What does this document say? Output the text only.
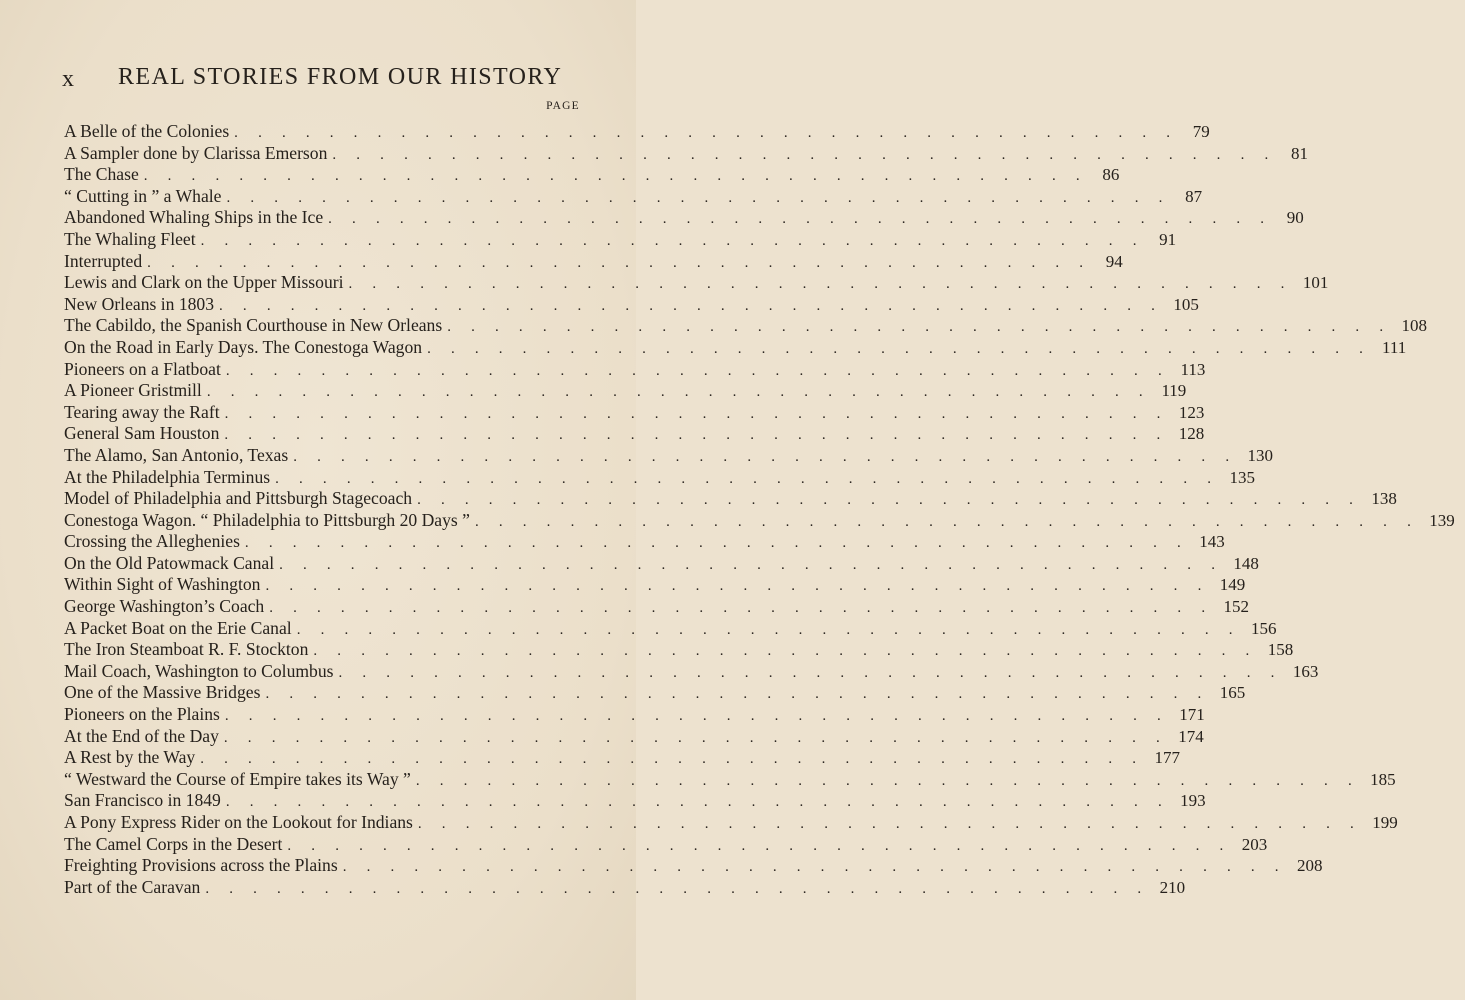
x REAL STORIES FROM OUR HISTORY
PAGE
A Belle of the Colonies . . . . . . . . . . . . . . . . . . . . . . . . . . . . . . . . . . . . . . . . 79
A Sampler done by Clarissa Emerson . . . . . . . . . . . . . . . . . . . . . . . . . . . . . . . . . . . . . . . . 81
The Chase . . . . . . . . . . . . . . . . . . . . . . . . . . . . . . . . . . . . . . . . 86
“ Cutting in ” a Whale . . . . . . . . . . . . . . . . . . . . . . . . . . . . . . . . . . . . . . . . 87
Abandoned Whaling Ships in the Ice . . . . . . . . . . . . . . . . . . . . . . . . . . . . . . . . . . . . . . . . 90
The Whaling Fleet . . . . . . . . . . . . . . . . . . . . . . . . . . . . . . . . . . . . . . . . 91
Interrupted . . . . . . . . . . . . . . . . . . . . . . . . . . . . . . . . . . . . . . . . 94
Lewis and Clark on the Upper Missouri . . . . . . . . . . . . . . . . . . . . . . . . . . . . . . . . . . . . . . . . 101
New Orleans in 1803 . . . . . . . . . . . . . . . . . . . . . . . . . . . . . . . . . . . . . . . . 105
The Cabildo, the Spanish Courthouse in New Orleans . . . . . . . . . . . . . . . . . . . . . . . . . . . . . . . . . . . . . . . . 108
On the Road in Early Days. The Conestoga Wagon . . . . . . . . . . . . . . . . . . . . . . . . . . . . . . . . . . . . . . . . 111
Pioneers on a Flatboat . . . . . . . . . . . . . . . . . . . . . . . . . . . . . . . . . . . . . . . . 113
A Pioneer Gristmill . . . . . . . . . . . . . . . . . . . . . . . . . . . . . . . . . . . . . . . . 119
Tearing away the Raft . . . . . . . . . . . . . . . . . . . . . . . . . . . . . . . . . . . . . . . . 123
General Sam Houston . . . . . . . . . . . . . . . . . . . . . . . . . . . . . . . . . . . . . . . . 128
The Alamo, San Antonio, Texas . . . . . . . . . . . . . . . . . . . . . . . . . . . . . . . . . . . . . . . . 130
At the Philadelphia Terminus . . . . . . . . . . . . . . . . . . . . . . . . . . . . . . . . . . . . . . . . 135
Model of Philadelphia and Pittsburgh Stagecoach . . . . . . . . . . . . . . . . . . . . . . . . . . . . . . . . . . . . . . . . 138
Conestoga Wagon. “ Philadelphia to Pittsburgh 20 Days ” . . . . . . . . . . . . . . . . . . . . . . . . . . . . . . . . . . . . . . . . 139
Crossing the Alleghenies . . . . . . . . . . . . . . . . . . . . . . . . . . . . . . . . . . . . . . . . 143
On the Old Patowmack Canal . . . . . . . . . . . . . . . . . . . . . . . . . . . . . . . . . . . . . . . . 148
Within Sight of Washington . . . . . . . . . . . . . . . . . . . . . . . . . . . . . . . . . . . . . . . . 149
George Washington’s Coach . . . . . . . . . . . . . . . . . . . . . . . . . . . . . . . . . . . . . . . . 152
A Packet Boat on the Erie Canal . . . . . . . . . . . . . . . . . . . . . . . . . . . . . . . . . . . . . . . . 156
The Iron Steamboat R. F. Stockton . . . . . . . . . . . . . . . . . . . . . . . . . . . . . . . . . . . . . . . . 158
Mail Coach, Washington to Columbus . . . . . . . . . . . . . . . . . . . . . . . . . . . . . . . . . . . . . . . . 163
One of the Massive Bridges . . . . . . . . . . . . . . . . . . . . . . . . . . . . . . . . . . . . . . . . 165
Pioneers on the Plains . . . . . . . . . . . . . . . . . . . . . . . . . . . . . . . . . . . . . . . . 171
At the End of the Day . . . . . . . . . . . . . . . . . . . . . . . . . . . . . . . . . . . . . . . . 174
A Rest by the Way . . . . . . . . . . . . . . . . . . . . . . . . . . . . . . . . . . . . . . . . 177
“ Westward the Course of Empire takes its Way ” . . . . . . . . . . . . . . . . . . . . . . . . . . . . . . . . . . . . . . . . 185
San Francisco in 1849 . . . . . . . . . . . . . . . . . . . . . . . . . . . . . . . . . . . . . . . . 193
A Pony Express Rider on the Lookout for Indians . . . . . . . . . . . . . . . . . . . . . . . . . . . . . . . . . . . . . . . . 199
The Camel Corps in the Desert . . . . . . . . . . . . . . . . . . . . . . . . . . . . . . . . . . . . . . . . 203
Freighting Provisions across the Plains . . . . . . . . . . . . . . . . . . . . . . . . . . . . . . . . . . . . . . . . 208
Part of the Caravan . . . . . . . . . . . . . . . . . . . . . . . . . . . . . . . . . . . . . . . . 210
